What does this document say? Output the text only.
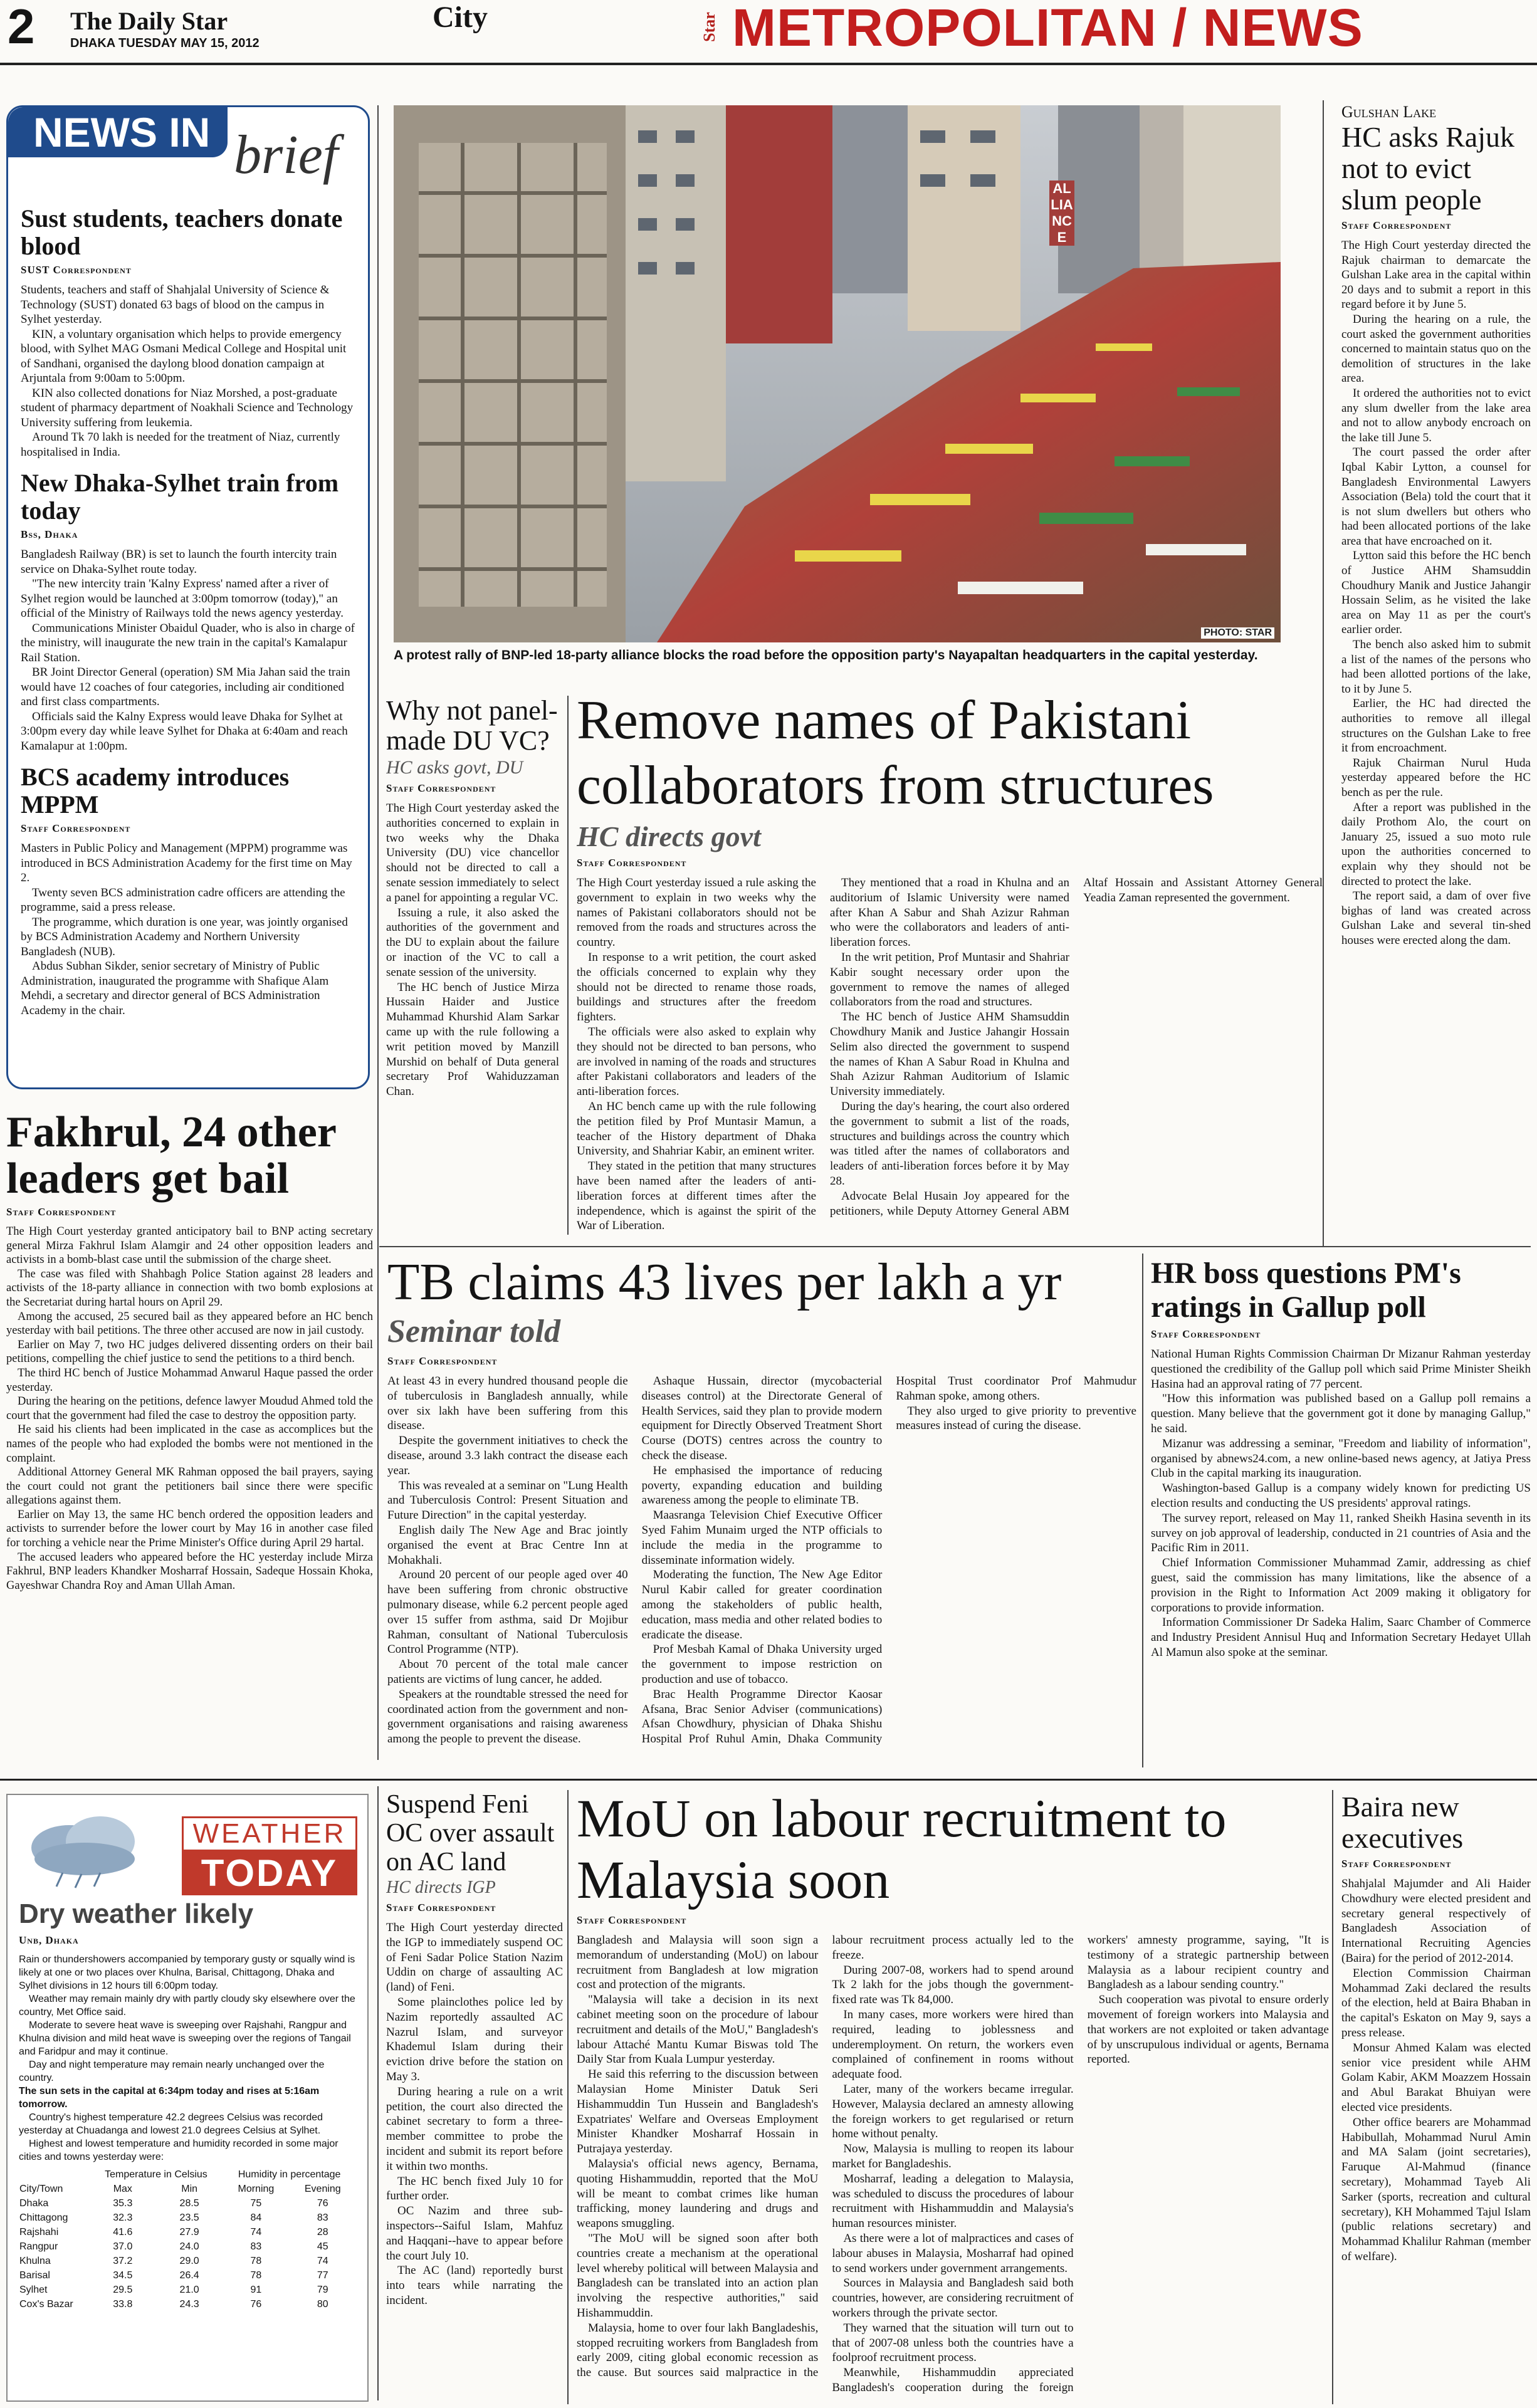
2 The Daily Star
DHAKA TUESDAY MAY 15, 2012
City	Star METROPOLITAN / NEWS
NEWS IN brief
Sust students, teachers donate blood
SUST Correspondent

Students, teachers and staff of Shahjalal University of Science & Technology (SUST) donated 63 bags of blood on the campus in Sylhet yesterday.

KIN, a voluntary organisation which helps to provide emergency blood, with Sylhet MAG Osmani Medical College and Hospital unit of Sandhani, organised the daylong blood donation campaign at Arjuntala from 9:00am to 5:00pm.

KIN also collected donations for Niaz Morshed, a post-graduate student of pharmacy department of Noakhali Science and Technology University suffering from leukemia.

Around Tk 70 lakh is needed for the treatment of Niaz, currently hospitalised in India.

New Dhaka-Sylhet train from today
Bss, Dhaka

Bangladesh Railway (BR) is set to launch the fourth intercity train service on Dhaka-Sylhet route today.

"The new intercity train 'Kalny Express' named after a river of Sylhet region would be launched at 3:00pm tomorrow (today)," an official of the Ministry of Railways told the news agency yesterday.

Communications Minister Obaidul Quader, who is also in charge of the ministry, will inaugurate the new train in the capital's Kamalapur Rail Station.

BR Joint Director General (operation) SM Mia Jahan said the train would have 12 coaches of four categories, including air conditioned and first class compartments.

Officials said the Kalny Express would leave Dhaka for Sylhet at 3:00pm every day while leave Sylhet for Dhaka at 6:40am and reach Kamalapur at 1:00pm.

BCS academy introduces MPPM
Staff Correspondent

Masters in Public Policy and Management (MPPM) programme was introduced in BCS Administration Academy for the first time on May 2.

Twenty seven BCS administration cadre officers are attending the programme, said a press release.

The programme, which duration is one year, was jointly organised by BCS Administration Academy and Northern University Bangladesh (NUB).

Abdus Subhan Sikder, senior secretary of Ministry of Public Administration, inaugurated the programme with Shafique Alam Mehdi, a secretary and director general of BCS Administration Academy in the chair.

Fakhrul, 24 other leaders get bail
Staff Correspondent

The High Court yesterday granted anticipatory bail to BNP acting secretary general Mirza Fakhrul Islam Alamgir and 24 other opposition leaders and activists in a bomb-blast case until the submission of the charge sheet.

The case was filed with Shahbagh Police Station against 28 leaders and activists of the 18-party alliance in connection with two bomb explosions at the Secretariat during hartal hours on April 29.

Among the accused, 25 secured bail as they appeared before an HC bench yesterday with bail petitions. The three other accused are now in jail custody.

Earlier on May 7, two HC judges delivered dissenting orders on their bail petitions, compelling the chief justice to send the petitions to a third bench.

The third HC bench of Justice Mohammad Anwarul Haque passed the order yesterday.

During the hearing on the petitions, defence lawyer Moudud Ahmed told the court that the government had filed the case to destroy the opposition party.

He said his clients had been implicated in the case as accomplices but the names of the people who had exploded the bombs were not mentioned in the complaint.

Additional Attorney General MK Rahman opposed the bail prayers, saying the court could not grant the petitioners bail since there were specific allegations against them.

Earlier on May 13, the same HC bench ordered the opposition leaders and activists to surrender before the lower court by May 16 in another case filed for torching a vehicle near the Prime Minister's Office during April 29 hartal.

The accused leaders who appeared before the HC yesterday include Mirza Fakhrul, BNP leaders Khandker Mosharraf Hossain, Sadeque Hossain Khoka, Gayeshwar Chandra Roy and Aman Ullah Aman.

ALLIANCE
PHOTO: STAR
A protest rally of BNP-led 18-party alliance blocks the road before the opposition party's Nayapaltan headquarters in the capital yesterday.
Gulshan Lake
HC asks Rajuk not to evict slum people
Staff Correspondent

The High Court yesterday directed the Rajuk chairman to demarcate the Gulshan Lake area in the capital within 20 days and to submit a report in this regard before it by June 5.

During the hearing on a rule, the court asked the government authorities concerned to maintain status quo on the demolition of structures in the lake area.

It ordered the authorities not to evict any slum dweller from the lake area and not to allow anybody encroach on the lake till June 5.

The court passed the order after Iqbal Kabir Lytton, a counsel for Bangladesh Environmental Lawyers Association (Bela) told the court that it is not slum dwellers but others who had been allocated portions of the lake area that have encroached on it.

Lytton said this before the HC bench of Justice AHM Shamsuddin Choudhury Manik and Justice Jahangir Hossain Selim, as he visited the lake area on May 11 as per the court's earlier order.

The bench also asked him to submit a list of the names of the persons who had been allotted portions of the lake, to it by June 5.

Earlier, the HC had directed the authorities to remove all illegal structures on the Gulshan Lake to free it from encroachment.

Rajuk Chairman Nurul Huda yesterday appeared before the HC bench as per the rule.

After a report was published in the daily Prothom Alo, the court on January 25, issued a suo moto rule upon the authorities concerned to explain why they should not be directed to protect the lake.

The report said, a dam of over five bighas of land was created across Gulshan Lake and several tin-shed houses were erected along the dam.

Why not panel-made DU VC?
HC asks govt, DU
Staff Correspondent

The High Court yesterday asked the authorities concerned to explain in two weeks why the Dhaka University (DU) vice chancellor should not be directed to call a senate session immediately to select a panel for appointing a regular VC.

Issuing a rule, it also asked the authorities of the government and the DU to explain about the failure or inaction of the VC to call a senate session of the university.

The HC bench of Justice Mirza Hussain Haider and Justice Muhammad Khurshid Alam Sarkar came up with the rule following a writ petition moved by Manzill Murshid on behalf of Duta general secretary Prof Wahiduzzaman Chan.

Remove names of Pakistani collaborators from structures
HC directs govt
Staff Correspondent

The High Court yesterday issued a rule asking the government to explain in two weeks why the names of Pakistani collaborators should not be removed from the roads and structures across the country.

In response to a writ petition, the court asked the officials concerned to explain why they should not be directed to rename those roads, buildings and structures after the freedom fighters.

The officials were also asked to explain why they should not be directed to ban persons, who are involved in naming of the roads and structures after Pakistani collaborators and leaders of the anti-liberation forces.

An HC bench came up with the rule following the petition filed by Prof Muntasir Mamun, a teacher of the History department of Dhaka University, and Shahriar Kabir, an eminent writer.

They stated in the petition that many structures have been named after the leaders of anti-liberation forces at different times after the independence, which is against the spirit of the War of Liberation.

They mentioned that a road in Khulna and an auditorium of Islamic University were named after Khan A Sabur and Shah Azizur Rahman who were the collaborators and leaders of anti-liberation forces.

In the writ petition, Prof Muntasir and Shahriar Kabir sought necessary order upon the government to remove the names of alleged collaborators from the road and structures.

The HC bench of Justice AHM Shamsuddin Chowdhury Manik and Justice Jahangir Hossain Selim also directed the government to suspend the names of Khan A Sabur Road in Khulna and Shah Azizur Rahman Auditorium of Islamic University immediately.

During the day's hearing, the court also ordered the government to submit a list of the roads, structures and buildings across the country which was titled after the names of collaborators and leaders of anti-liberation forces before it by May 28.

Advocate Belal Husain Joy appeared for the petitioners, while Deputy Attorney General ABM Altaf Hossain and Assistant Attorney General Yeadia Zaman represented the government.

TB claims 43 lives per lakh a yr
Seminar told
Staff Correspondent

At least 43 in every hundred thousand people die of tuberculosis in Bangladesh annually, while over six lakh have been suffering from this disease.

Despite the government initiatives to check the disease, around 3.3 lakh contract the disease each year.

This was revealed at a seminar on "Lung Health and Tuberculosis Control: Present Situation and Future Direction" in the capital yesterday.

English daily The New Age and Brac jointly organised the event at Brac Centre Inn at Mohakhali.

Around 20 percent of our people aged over 40 have been suffering from chronic obstructive pulmonary disease, while 6.2 percent people aged over 15 suffer from asthma, said Dr Mojibur Rahman, consultant of National Tuberculosis Control Programme (NTP).

About 70 percent of the total male cancer patients are victims of lung cancer, he added.

Speakers at the roundtable stressed the need for coordinated action from the government and non-government organisations and raising awareness among the people to prevent the disease.

Ashaque Hussain, director (mycobacterial diseases control) at the Directorate General of Health Services, said they plan to provide modern equipment for Directly Observed Treatment Short Course (DOTS) centres across the country to check the disease.

He emphasised the importance of reducing poverty, expanding education and building awareness among the people to eliminate TB.

Maasranga Television Chief Executive Officer Syed Fahim Munaim urged the NTP officials to include the media in the programme to disseminate information widely.

Moderating the function, The New Age Editor Nurul Kabir called for greater coordination among the stakeholders of public health, education, mass media and other related bodies to eradicate the disease.

Prof Mesbah Kamal of Dhaka University urged the government to impose restriction on production and use of tobacco.

Brac Health Programme Director Kaosar Afsana, Brac Senior Adviser (communications) Afsan Chowdhury, physician of Dhaka Shishu Hospital Prof Ruhul Amin, Dhaka Community Hospital Trust coordinator Prof Mahmudur Rahman spoke, among others.

They also urged to give priority to preventive measures instead of curing the disease.

HR boss questions PM's ratings in Gallup poll
Staff Correspondent

National Human Rights Commission Chairman Dr Mizanur Rahman yesterday questioned the credibility of the Gallup poll which said Prime Minister Sheikh Hasina had an approval rating of 77 percent.

"How this information was published based on a Gallup poll remains a question. Many believe that the government got it done by managing Gallup," he said.

Mizanur was addressing a seminar, "Freedom and liability of information", organised by abnews24.com, a new online-based news agency, at Jatiya Press Club in the capital marking its inauguration.

Washington-based Gallup is a company widely known for predicting US election results and conducting the US presidents' approval ratings.

The survey report, released on May 11, ranked Sheikh Hasina seventh in its survey on job approval of leadership, conducted in 21 countries of Asia and the Pacific Rim in 2011.

Chief Information Commissioner Muhammad Zamir, addressing as chief guest, said the commission has many limitations, like the absence of a provision in the Right to Information Act 2009 making it obligatory for corporations to provide information.

Information Commissioner Dr Sadeka Halim, Saarc Chamber of Commerce and Industry President Annisul Huq and Information Secretary Hedayet Ullah Al Mamun also spoke at the seminar.

WEATHER
TODAY
Dry weather likely
Unb, Dhaka

Rain or thundershowers accompanied by temporary gusty or squally wind is likely at one or two places over Khulna, Barisal, Chittagong, Dhaka and Sylhet divisions in 12 hours till 6:00pm today.

Weather may remain mainly dry with partly cloudy sky elsewhere over the country, Met Office said.

Moderate to severe heat wave is sweeping over Rajshahi, Rangpur and Khulna division and mild heat wave is sweeping over the regions of Tangail and Faridpur and may it continue.

Day and night temperature may remain nearly unchanged over the country.

The sun sets in the capital at 6:34pm today and rises at 5:16am tomorrow.

Country's highest temperature 42.2 degrees Celsius was recorded yesterday at Chuadanga and lowest 21.0 degrees Celsius at Sylhet.

Highest and lowest temperature and humidity recorded in some major cities and towns yesterday were:

City/Town	Temperature in Celsius		Humidity in percentage	
	Max	Min	Morning	Evening
Dhaka	35.3	28.5	75	76
Chittagong	32.3	23.5	84	83
Rajshahi	41.6	27.9	74	28
Rangpur	37.0	24.0	83	45
Khulna	37.2	29.0	78	74
Barisal	34.5	26.4	78	77
Sylhet	29.5	21.0	91	79
Cox's Bazar	33.8	24.3	76	80
Suspend Feni OC over assault on AC land
HC directs IGP
Staff Correspondent

The High Court yesterday directed the IGP to immediately suspend OC of Feni Sadar Police Station Nazim Uddin on charge of assaulting AC (land) of Feni.

Some plainclothes police led by Nazim reportedly assaulted AC Nazrul Islam, and surveyor Khademul Islam during their eviction drive before the station on May 3.

During hearing a rule on a writ petition, the court also directed the cabinet secretary to form a three-member committee to probe the incident and submit its report before it within two months.

The HC bench fixed July 10 for further order.

OC Nazim and three sub-inspectors--Saiful Islam, Mahfuz and Haqqani--have to appear before the court July 10.

The AC (land) reportedly burst into tears while narrating the incident.

MoU on labour recruitment to Malaysia soon
Staff Correspondent

Bangladesh and Malaysia will soon sign a memorandum of understanding (MoU) on labour recruitment from Bangladesh at low migration cost and protection of the migrants.

"Malaysia will take a decision in its next cabinet meeting soon on the procedure of labour recruitment and details of the MoU," Bangladesh's labour Attaché Mantu Kumar Biswas told The Daily Star from Kuala Lumpur yesterday.

He said this referring to the discussion between Malaysian Home Minister Datuk Seri Hishammuddin Tun Hussein and Bangladesh's Expatriates' Welfare and Overseas Employment Minister Khandker Mosharraf Hossain in Putrajaya yesterday.

Malaysia's official news agency, Bernama, quoting Hishammuddin, reported that the MoU will be meant to combat crimes like human trafficking, money laundering and drugs and weapons smuggling.

"The MoU will be signed soon after both countries create a mechanism at the operational level whereby political will between Malaysia and Bangladesh can be translated into an action plan involving the respective authorities," said Hishammuddin.

Malaysia, home to over four lakh Bangladeshis, stopped recruiting workers from Bangladesh from early 2009, citing global economic recession as the cause. But sources said malpractice in the labour recruitment process actually led to the freeze.

During 2007-08, workers had to spend around Tk 2 lakh for the jobs though the government-fixed rate was Tk 84,000.

In many cases, more workers were hired than required, leading to joblessness and underemployment. On return, the workers even complained of confinement in rooms without adequate food.

Later, many of the workers became irregular. However, Malaysia declared an amnesty allowing the foreign workers to get regularised or return home without penalty.

Now, Malaysia is mulling to reopen its labour market for Bangladeshis.

Mosharraf, leading a delegation to Malaysia, was scheduled to discuss the procedures of labour recruitment with Hishammuddin and Malaysia's human resources minister.

As there were a lot of malpractices and cases of labour abuses in Malaysia, Mosharraf had opined to send workers under government arrangements.

Sources in Malaysia and Bangladesh said both countries, however, are considering recruitment of workers through the private sector.

They warned that the situation will turn out to that of 2007-08 unless both the countries have a foolproof recruitment process.

Meanwhile, Hishammuddin appreciated Bangladesh's cooperation during the foreign workers' amnesty programme, saying, "It is testimony of a strategic partnership between Malaysia as a labour recipient country and Bangladesh as a labour sending country."

Such cooperation was pivotal to ensure orderly movement of foreign workers into Malaysia and that workers are not exploited or taken advantage of by unscrupulous individual or agents, Bernama reported.

Baira new executives
Staff Correspondent

Shahjalal Majumder and Ali Haider Chowdhury were elected president and secretary general respectively of Bangladesh Association of International Recruiting Agencies (Baira) for the period of 2012-2014.

Election Commission Chairman Mohammad Zaki declared the results of the election, held at Baira Bhaban in the capital's Eskaton on May 9, says a press release.

Monsur Ahmed Kalam was elected senior vice president while AHM Golam Kabir, AKM Moazzem Hossain and Abul Barakat Bhuiyan were elected vice presidents.

Other office bearers are Mohammad Habibullah, Mohammad Nurul Amin and MA Salam (joint secretaries), Faruque Al-Mahmud (finance secretary), Mohammad Tayeb Ali Sarker (sports, recreation and cultural secretary), KH Mohammed Tajul Islam (public relations secretary) and Mohammad Khalilur Rahman (member of welfare).
